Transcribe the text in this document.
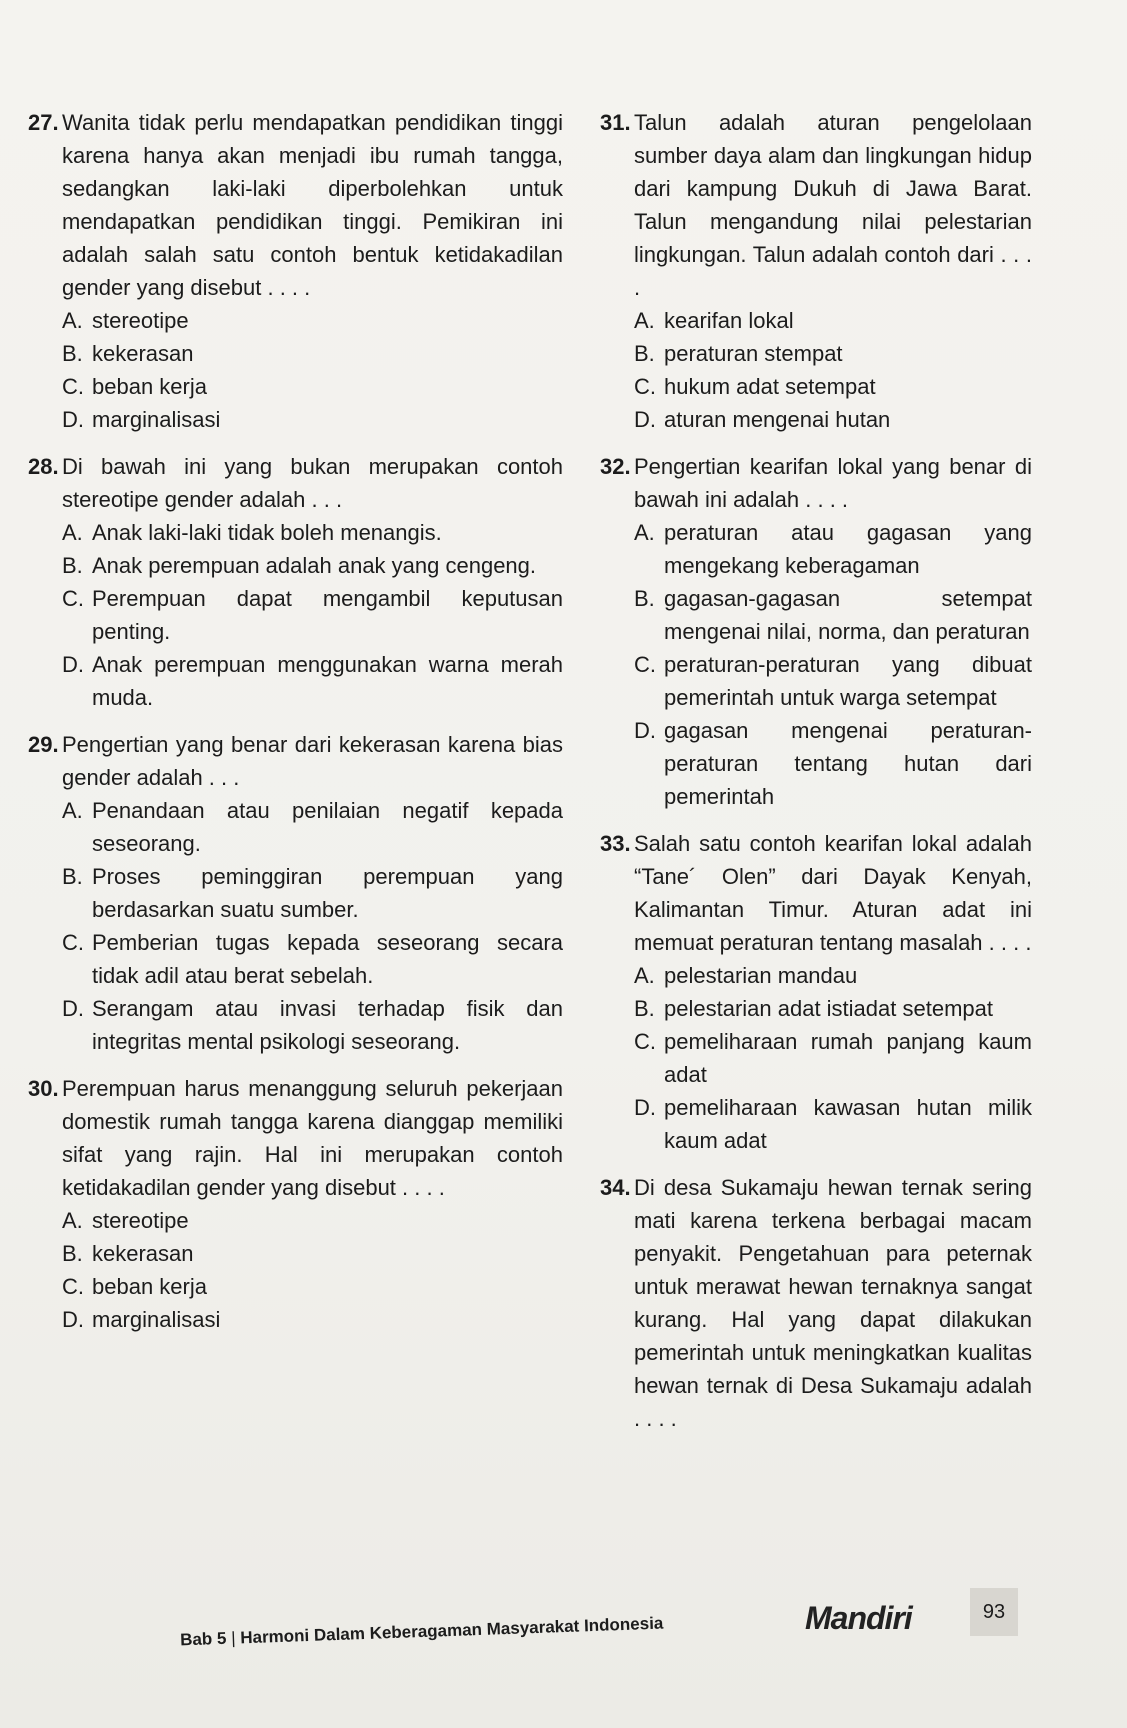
27. Wanita tidak perlu mendapatkan pendidikan tinggi karena hanya akan menjadi ibu rumah tangga, sedangkan laki-laki diperbolehkan untuk mendapatkan pendidikan tinggi. Pemikiran ini adalah salah satu contoh bentuk ketidakadilan gender yang disebut . . . .
A. stereotipe
B. kekerasan
C. beban kerja
D. marginalisasi
28. Di bawah ini yang bukan merupakan contoh stereotipe gender adalah . . .
A. Anak laki-laki tidak boleh menangis.
B. Anak perempuan adalah anak yang cengeng.
C. Perempuan dapat mengambil keputusan penting.
D. Anak perempuan menggunakan warna merah muda.
29. Pengertian yang benar dari kekerasan karena bias gender adalah . . .
A. Penandaan atau penilaian negatif kepada seseorang.
B. Proses peminggiran perempuan yang berdasarkan suatu sumber.
C. Pemberian tugas kepada seseorang secara tidak adil atau berat sebelah.
D. Serangam atau invasi terhadap fisik dan integritas mental psikologi seseorang.
30. Perempuan harus menanggung seluruh pekerjaan domestik rumah tangga karena dianggap memiliki sifat yang rajin. Hal ini merupakan contoh ketidakadilan gender yang disebut . . . .
A. stereotipe
B. kekerasan
C. beban kerja
D. marginalisasi
31. Talun adalah aturan pengelolaan sumber daya alam dan lingkungan hidup dari kampung Dukuh di Jawa Barat. Talun mengandung nilai pelestarian lingkungan. Talun adalah contoh dari . . . .
A. kearifan lokal
B. peraturan stempat
C. hukum adat setempat
D. aturan mengenai hutan
32. Pengertian kearifan lokal yang benar di bawah ini adalah . . . .
A. peraturan atau gagasan yang mengekang keberagaman
B. gagasan-gagasan setempat mengenai nilai, norma, dan peraturan
C. peraturan-peraturan yang dibuat pemerintah untuk warga setempat
D. gagasan mengenai peraturan-peraturan tentang hutan dari pemerintah
33. Salah satu contoh kearifan lokal adalah “Tane´ Olen” dari Dayak Kenyah, Kalimantan Timur. Aturan adat ini memuat peraturan tentang masalah . . . .
A. pelestarian mandau
B. pelestarian adat istiadat setempat
C. pemeliharaan rumah panjang kaum adat
D. pemeliharaan kawasan hutan milik kaum adat
34. Di desa Sukamaju hewan ternak sering mati karena terkena berbagai macam penyakit. Pengetahuan para peternak untuk merawat hewan ternaknya sangat kurang. Hal yang dapat dilakukan pemerintah untuk meningkatkan kualitas hewan ternak di Desa Sukamaju adalah . . . .
Bab 5 | Harmoni Dalam Keberagaman Masyarakat Indonesia	Mandiri	93
